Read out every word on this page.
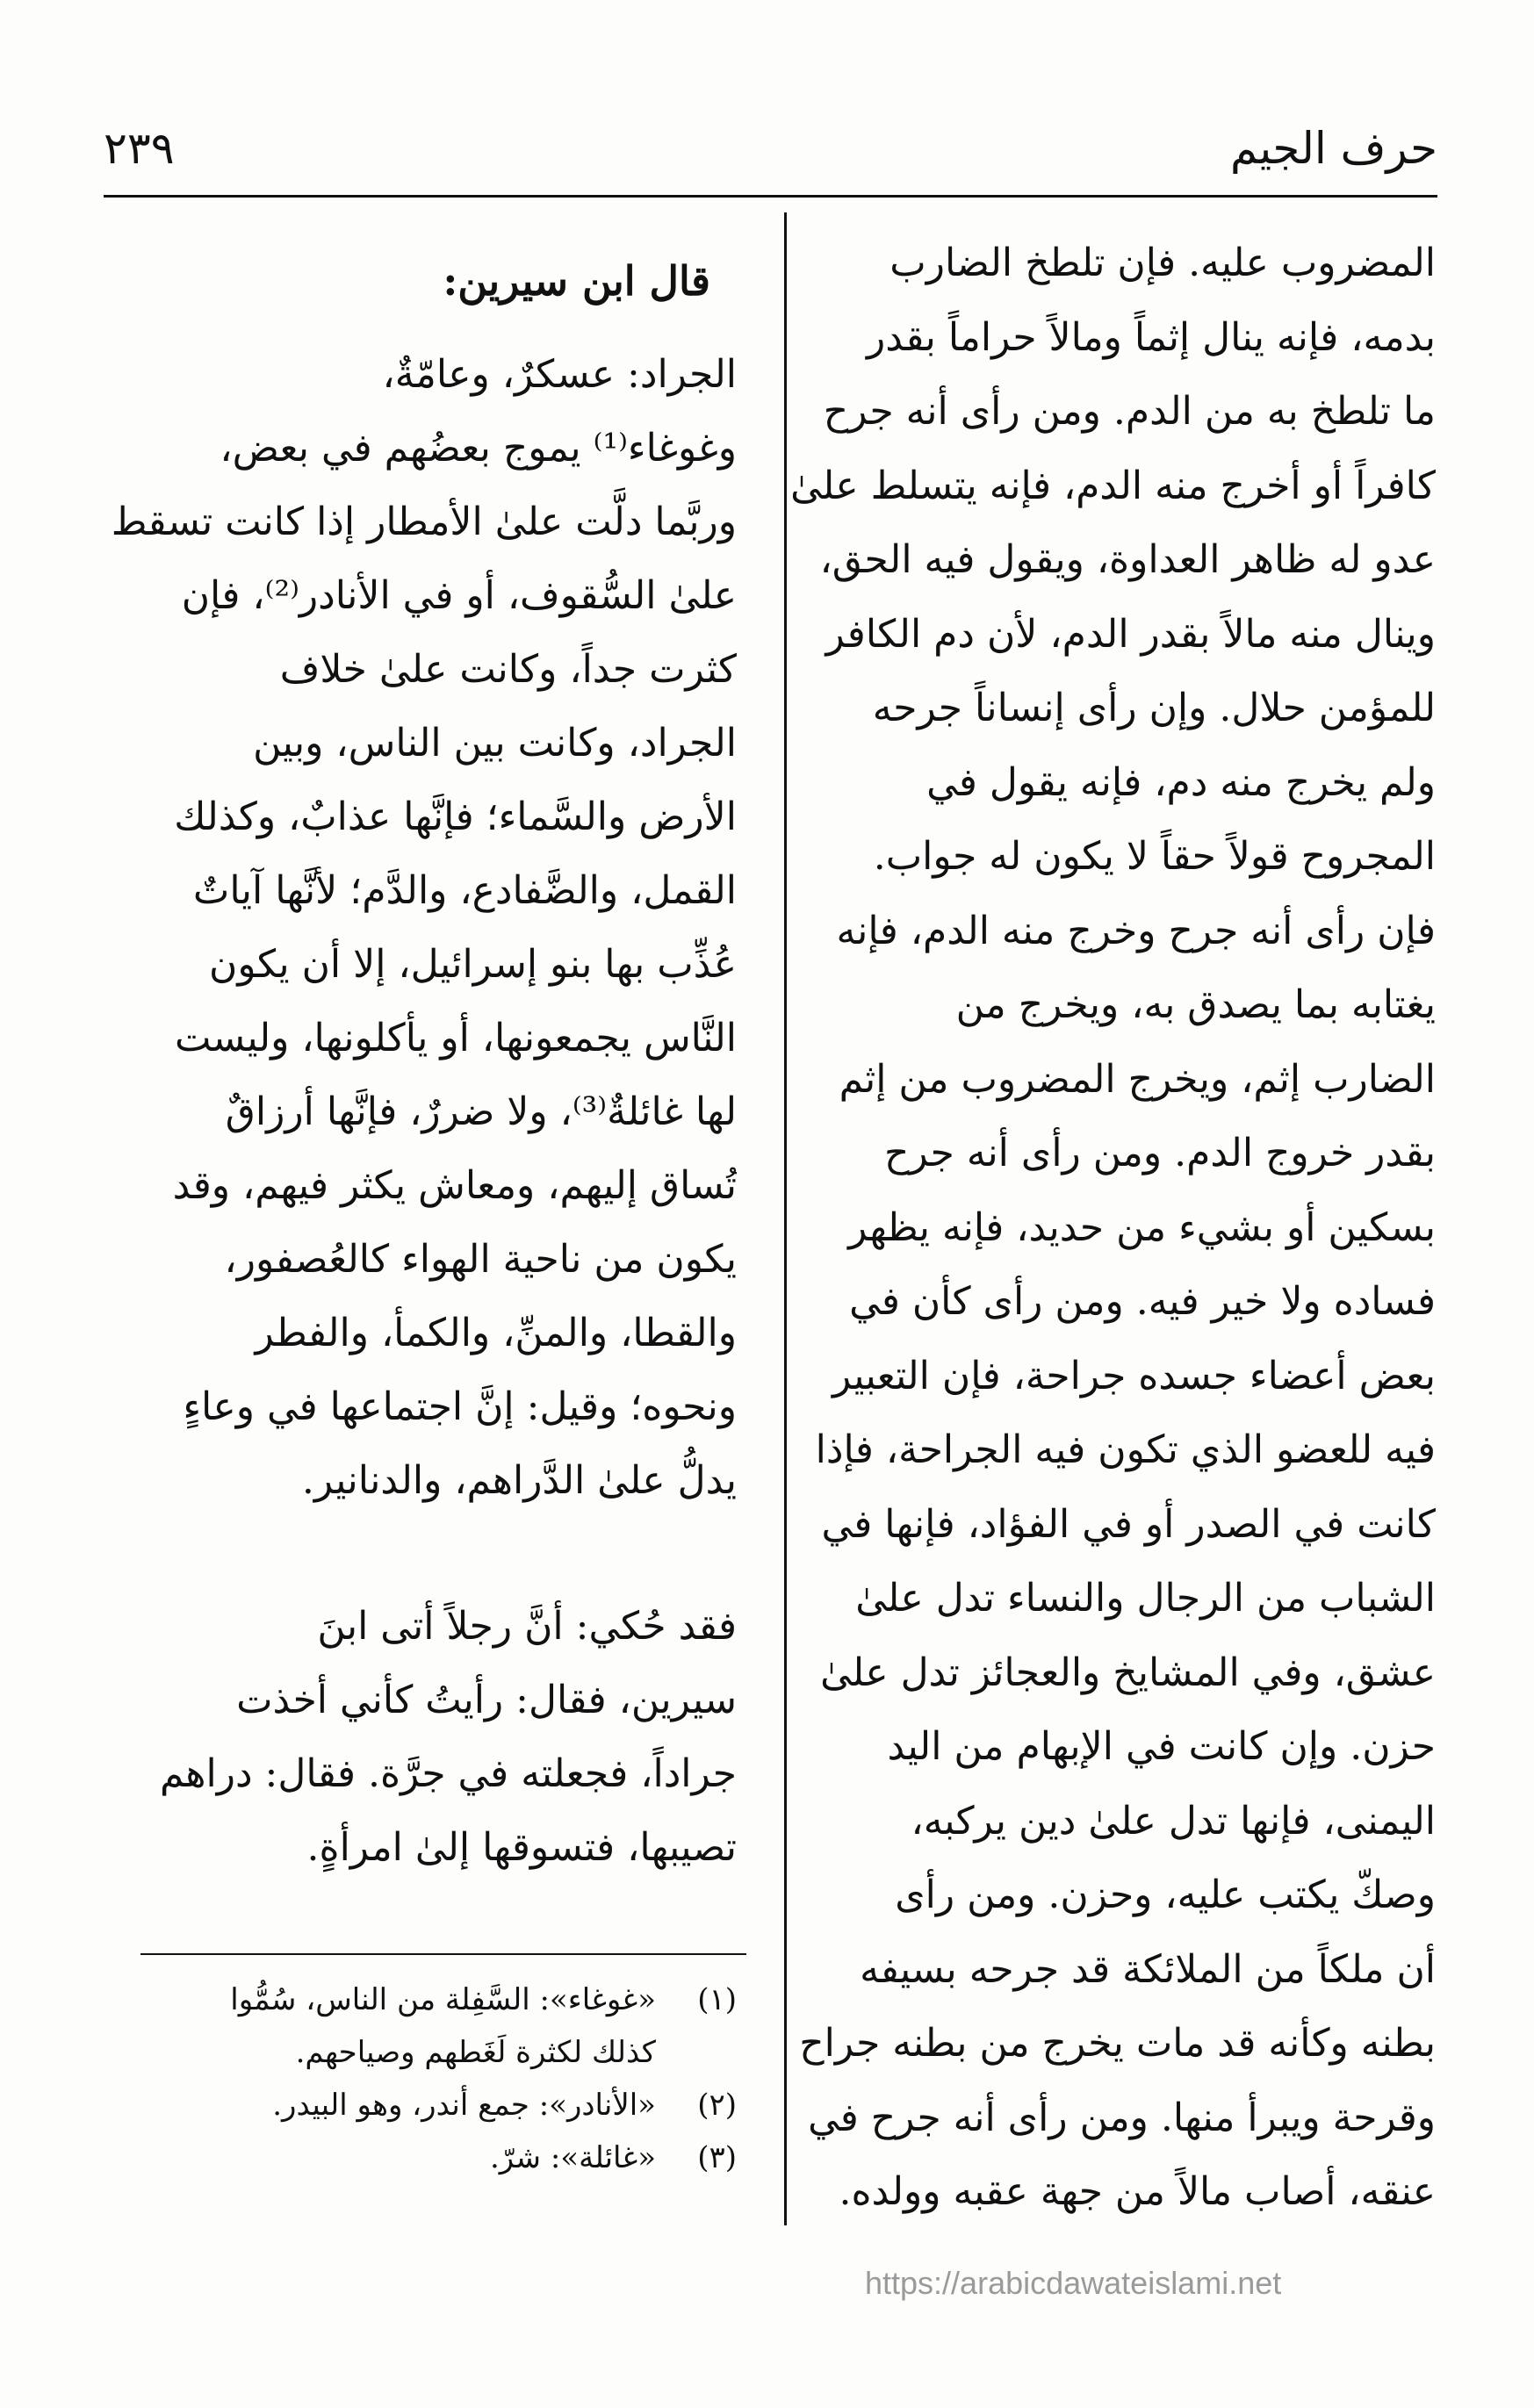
حرف الجيم
٢٣٩
المضروب عليه. فإن تلطخ الضارب
بدمه، فإنه ينال إثماً ومالاً حراماً بقدر
ما تلطخ به من الدم. ومن رأى أنه جرح
كافراً أو أخرج منه الدم، فإنه يتسلط علىٰ
عدو له ظاهر العداوة، ويقول فيه الحق،
وينال منه مالاً بقدر الدم، لأن دم الكافر
للمؤمن حلال. وإن رأى إنساناً جرحه
ولم يخرج منه دم، فإنه يقول في
المجروح قولاً حقاً لا يكون له جواب.
فإن رأى أنه جرح وخرج منه الدم، فإنه
يغتابه بما يصدق به، ويخرج من
الضارب إثم، ويخرج المضروب من إثم
بقدر خروج الدم. ومن رأى أنه جرح
بسكين أو بشيء من حديد، فإنه يظهر
فساده ولا خير فيه. ومن رأى كأن في
بعض أعضاء جسده جراحة، فإن التعبير
فيه للعضو الذي تكون فيه الجراحة، فإذا
كانت في الصدر أو في الفؤاد، فإنها في
الشباب من الرجال والنساء تدل علىٰ
عشق، وفي المشايخ والعجائز تدل علىٰ
حزن. وإن كانت في الإبهام من اليد
اليمنى، فإنها تدل علىٰ دين يركبه،
وصكّ يكتب عليه، وحزن. ومن رأى
أن ملكاً من الملائكة قد جرحه بسيفه
بطنه وكأنه قد مات يخرج من بطنه جراح
وقرحة ويبرأ منها. ومن رأى أنه جرح في
عنقه، أصاب مالاً من جهة عقبه وولده.
قال ابن سيرين:
الجراد: عسكرٌ، وعامّةٌ،
وغوغاء⁽¹⁾ يموج بعضُهم في بعض،
وربَّما دلَّت علىٰ الأمطار إذا كانت تسقط
علىٰ السُّقوف، أو في الأنادر⁽²⁾، فإن
كثرت جداً، وكانت علىٰ خلاف
الجراد، وكانت بين الناس، وبين
الأرض والسَّماء؛ فإنَّها عذابٌ، وكذلك
القمل، والضَّفادع، والدَّم؛ لأنَّها آياتٌ
عُذِّب بها بنو إسرائيل، إلا أن يكون
النَّاس يجمعونها، أو يأكلونها، وليست
لها غائلةٌ⁽³⁾، ولا ضررٌ، فإنَّها أرزاقٌ
تُساق إليهم، ومعاش يكثر فيهم، وقد
يكون من ناحية الهواء كالعُصفور،
والقطا، والمنِّ، والكمأ، والفطر
ونحوه؛ وقيل: إنَّ اجتماعها في وعاءٍ
يدلُّ علىٰ الدَّراهم، والدنانير.
فقد حُكي: أنَّ رجلاً أتى ابنَ
سيرين، فقال: رأيتُ كأني أخذت
جراداً، فجعلته في جرَّة. فقال: دراهم
تصيبها، فتسوقها إلىٰ امرأةٍ.
(١)«غوغاء»: السَّفِلة من الناس، سُمُّوا
كذلك لكثرة لَغَطهم وصياحهم.
(٢)«الأنادر»: جمع أندر، وهو البيدر.
(٣)«غائلة»: شرّ.
https://arabicdawateislami.net
